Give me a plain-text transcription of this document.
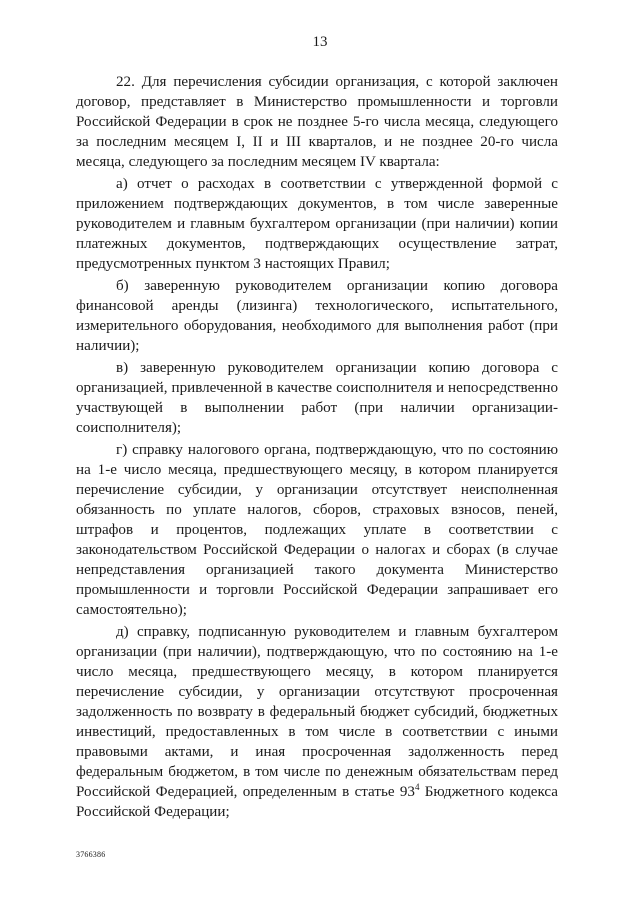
13

22. Для перечисления субсидии организация, с которой заключен договор, представляет в Министерство промышленности и торговли Российской Федерации в срок не позднее 5-го числа месяца, следующего за последним месяцем I, II и III кварталов, и не позднее 20-го числа месяца, следующего за последним месяцем IV квартала:

а) отчет о расходах в соответствии с утвержденной формой с приложением подтверждающих документов, в том числе заверенные руководителем и главным бухгалтером организации (при наличии) копии платежных документов, подтверждающих осуществление затрат, предусмотренных пунктом 3 настоящих Правил;

б) заверенную руководителем организации копию договора финансовой аренды (лизинга) технологического, испытательного, измерительного оборудования, необходимого для выполнения работ (при наличии);

в) заверенную руководителем организации копию договора с организацией, привлеченной в качестве соисполнителя и непосредственно участвующей в выполнении работ (при наличии организации-соисполнителя);

г) справку налогового органа, подтверждающую, что по состоянию на 1-е число месяца, предшествующего месяцу, в котором планируется перечисление субсидии, у организации отсутствует неисполненная обязанность по уплате налогов, сборов, страховых взносов, пеней, штрафов и процентов, подлежащих уплате в соответствии с законодательством Российской Федерации о налогах и сборах (в случае непредставления организацией такого документа Министерство промышленности и торговли Российской Федерации запрашивает его самостоятельно);

д) справку, подписанную руководителем и главным бухгалтером организации (при наличии), подтверждающую, что по состоянию на 1-е число месяца, предшествующего месяцу, в котором планируется перечисление субсидии, у организации отсутствуют просроченная задолженность по возврату в федеральный бюджет субсидий, бюджетных инвестиций, предоставленных в том числе в соответствии с иными правовыми актами, и иная просроченная задолженность перед федеральным бюджетом, в том числе по денежным обязательствам перед Российской Федерацией, определенным в статье $93^4$ Бюджетного кодекса Российской Федерации;

3766386
